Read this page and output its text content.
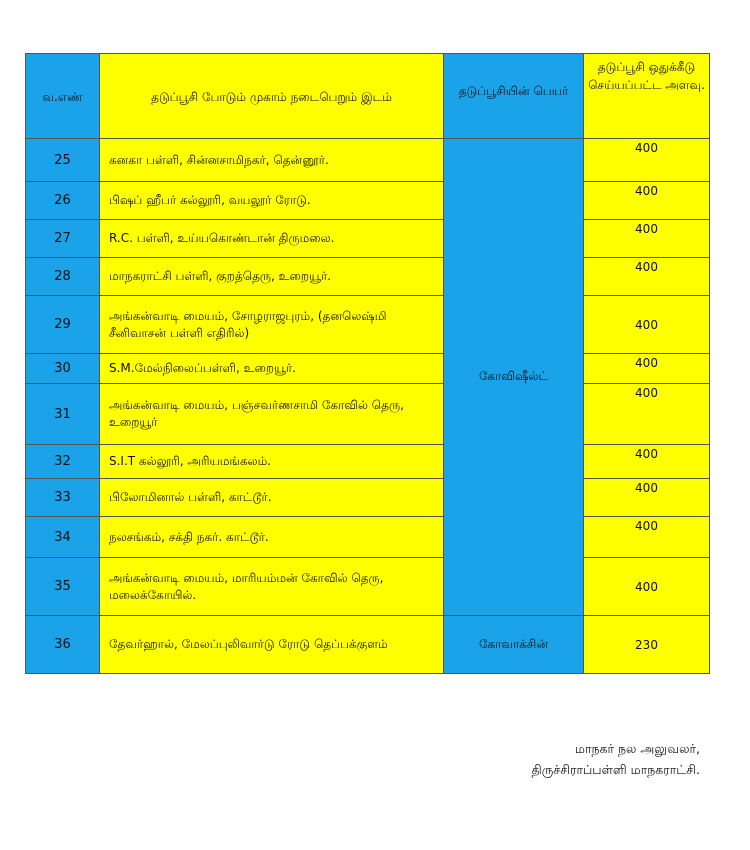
வ.எண்	தடுப்பூசி போடும் முகாம் நடைபெறும் இடம்	தடுப்பூசியின் பெயர்	தடுப்பூசி ஒதுக்கீடு செய்யப்பட்ட அளவு.
25	கனகா பள்ளி, சின்னசாமிநகர், தென்னூர்.	கோவிஷீல்ட்	400
26	பிஷப் ஹீபர் கல்லூரி, வயலூர் ரோடு.		400
27	R.C. பள்ளி, உய்யகொண்டான் திருமலை.		400
28	மாநகராட்சி பள்ளி, குறத்தெரு, உறையூர்.		400
29	அங்கன்வாடி மையம், சோழராஜபுரம், (தனலெஷ்மி சீனிவாசன் பள்ளி எதிரில்)		400
30	S.M.மேல்நிலைப்பள்ளி, உறையூர்.		400
31	அங்கன்வாடி மையம், பஞ்சவர்ணசாமி கோவில் தெரு, உறையூர்		400
32	S.I.T கல்லூரி, அரியமங்கலம்.		400
33	பிலோமினால் பள்ளி, காட்டூர்.		400
34	நலசங்கம், சக்தி நகர். காட்டூர்.		400
35	அங்கன்வாடி மையம், மாரியம்மன் கோவில் தெரு, மலைக்கோயில்.		400
36	தேவர்ஹால், மேலப்புலிவார்டு ரோடு தெப்பக்குளம்	கோவாக்சின்	230
மாநகர் நல அலுவலர்,
திருச்சிராப்பள்ளி மாநகராட்சி.
